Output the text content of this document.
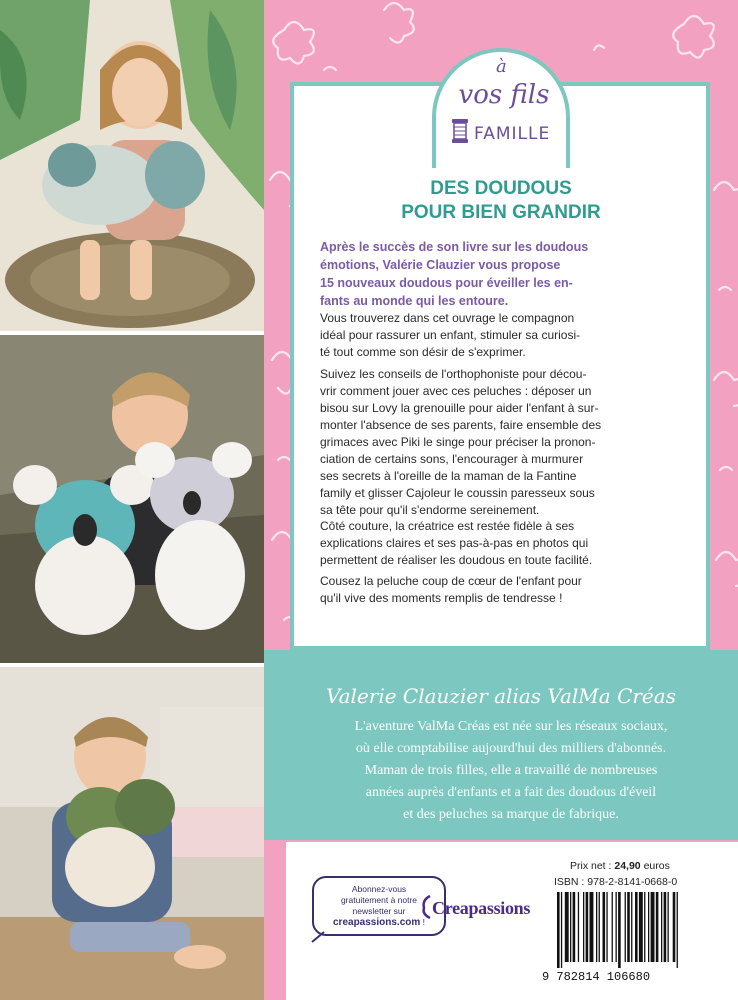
à
vos fils
FAMILLE
DES DOUDOUS
POUR BIEN GRANDIR
Après le succès de son livre sur les doudous
émotions, Valérie Clauzier vous propose
15 nouveaux doudous pour éveiller les en-
fants au monde qui les entoure.
Vous trouverez dans cet ouvrage le compagnon
idéal pour rassurer un enfant, stimuler sa curiosi-
té tout comme son désir de s'exprimer.
Suivez les conseils de l'orthophoniste pour décou-
vrir comment jouer avec ces peluches : déposer un
bisou sur Lovy la grenouille pour aider l'enfant à sur-
monter l'absence de ses parents, faire ensemble des
grimaces avec Piki le singe pour préciser la pronon-
ciation de certains sons, l'encourager à murmurer
ses secrets à l'oreille de la maman de la Fantine
family et glisser Cajoleur le coussin paresseux sous
sa tête pour qu'il s'endorme sereinement.
Côté couture, la créatrice est restée fidèle à ses
explications claires et ses pas-à-pas en photos qui
permettent de réaliser les doudous en toute facilité.
Cousez la peluche coup de cœur de l'enfant pour
qu'il vive des moments remplis de tendresse !
Valerie Clauzier alias ValMa Créas
L'aventure ValMa Créas est née sur les réseaux sociaux,
où elle comptabilise aujourd'hui des milliers d'abonnés.
Maman de trois filles, elle a travaillé de nombreuses
années auprès d'enfants et a fait des doudous d'éveil
et des peluches sa marque de fabrique.
Abonnez-vous
gratuitement à notre
newsletter sur
creapassions.com !
Creapassions
Prix net : 24,90 euros
ISBN : 978-2-8141-0668-0
9 782814 106680
